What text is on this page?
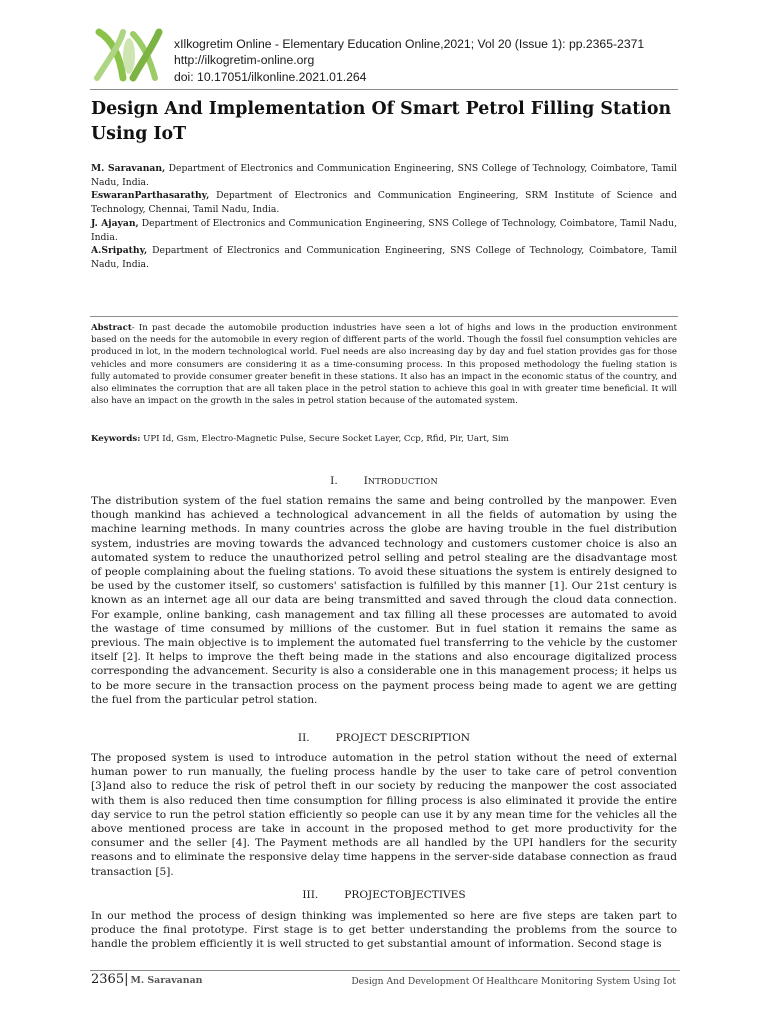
xIlkogretim Online - Elementary Education Online,2021; Vol 20 (Issue 1): pp.2365-2371
http://ilkogretim-online.org
doi: 10.17051/ilkonline.2021.01.264
Design And Implementation Of Smart Petrol Filling Station Using IoT

M. Saravanan, Department of Electronics and Communication Engineering, SNS College of Technology, Coimbatore, Tamil Nadu, India.

EswaranParthasarathy, Department of Electronics and Communication Engineering, SRM Institute of Science and Technology, Chennai, Tamil Nadu, India.

J. Ajayan, Department of Electronics and Communication Engineering, SNS College of Technology, Coimbatore, Tamil Nadu, India.

A.Sripathy, Department of Electronics and Communication Engineering, SNS College of Technology, Coimbatore, Tamil Nadu, India.

Abstract- In past decade the automobile production industries have seen a lot of highs and lows in the production environment based on the needs for the automobile in every region of different parts of the world. Though the fossil fuel consumption vehicles are produced in lot, in the modern technological world. Fuel needs are also increasing day by day and fuel station provides gas for those vehicles and more consumers are considering it as a time-consuming process. In this proposed methodology the fueling station is fully automated to provide consumer greater benefit in these stations. It also has an impact in the economic status of the country, and also eliminates the corruption that are all taken place in the petrol station to achieve this goal in with greater time beneficial. It will also have an impact on the growth in the sales in petrol station because of the automated system.

Keywords: UPI Id, Gsm, Electro-Magnetic Pulse, Secure Socket Layer, Ccp, Rfid, Pir, Uart, Sim

I.	INTRODUCTION

The distribution system of the fuel station remains the same and being controlled by the manpower. Even though mankind has achieved a technological advancement in all the fields of automation by using the machine learning methods. In many countries across the globe are having trouble in the fuel distribution system, industries are moving towards the advanced technology and customers customer choice is also an automated system to reduce the unauthorized petrol selling and petrol stealing are the disadvantage most of people complaining about the fueling stations. To avoid these situations the system is entirely designed to be used by the customer itself, so customers' satisfaction is fulfilled by this manner [1]. Our 21st century is known as an internet age all our data are being transmitted and saved through the cloud data connection. For example, online banking, cash management and tax filling all these processes are automated to avoid the wastage of time consumed by millions of the customer. But in fuel station it remains the same as previous. The main objective is to implement the automated fuel transferring to the vehicle by the customer itself [2]. It helps to improve the theft being made in the stations and also encourage digitalized process corresponding the advancement. Security is also a considerable one in this management process; it helps us to be more secure in the transaction process on the payment process being made to agent we are getting the fuel from the particular petrol station.

II. PROJECT DESCRIPTION

The proposed system is used to introduce automation in the petrol station without the need of external human power to run manually, the fueling process handle by the user to take care of petrol convention [3]and also to reduce the risk of petrol theft in our society by reducing the manpower the cost associated with them is also reduced then time consumption for filling process is also eliminated it provide the entire day service to run the petrol station efficiently so people can use it by any mean time for the vehicles all the above mentioned process are take in account in the proposed method to get more productivity for the consumer and the seller [4]. The Payment methods are all handled by the UPI handlers for the security reasons and to eliminate the responsive delay time happens in the server-side database connection as fraud transaction [5].

III. PROJECTOBJECTIVES

In our method the process of design thinking was implemented so here are five steps are taken part to produce the final prototype. First stage is to get better understanding the problems from the source to handle the problem efficiently it is well structed to get substantial amount of information. Second stage is

2365| M. Saravanan	Design And Development Of Healthcare Monitoring System Using Iot
